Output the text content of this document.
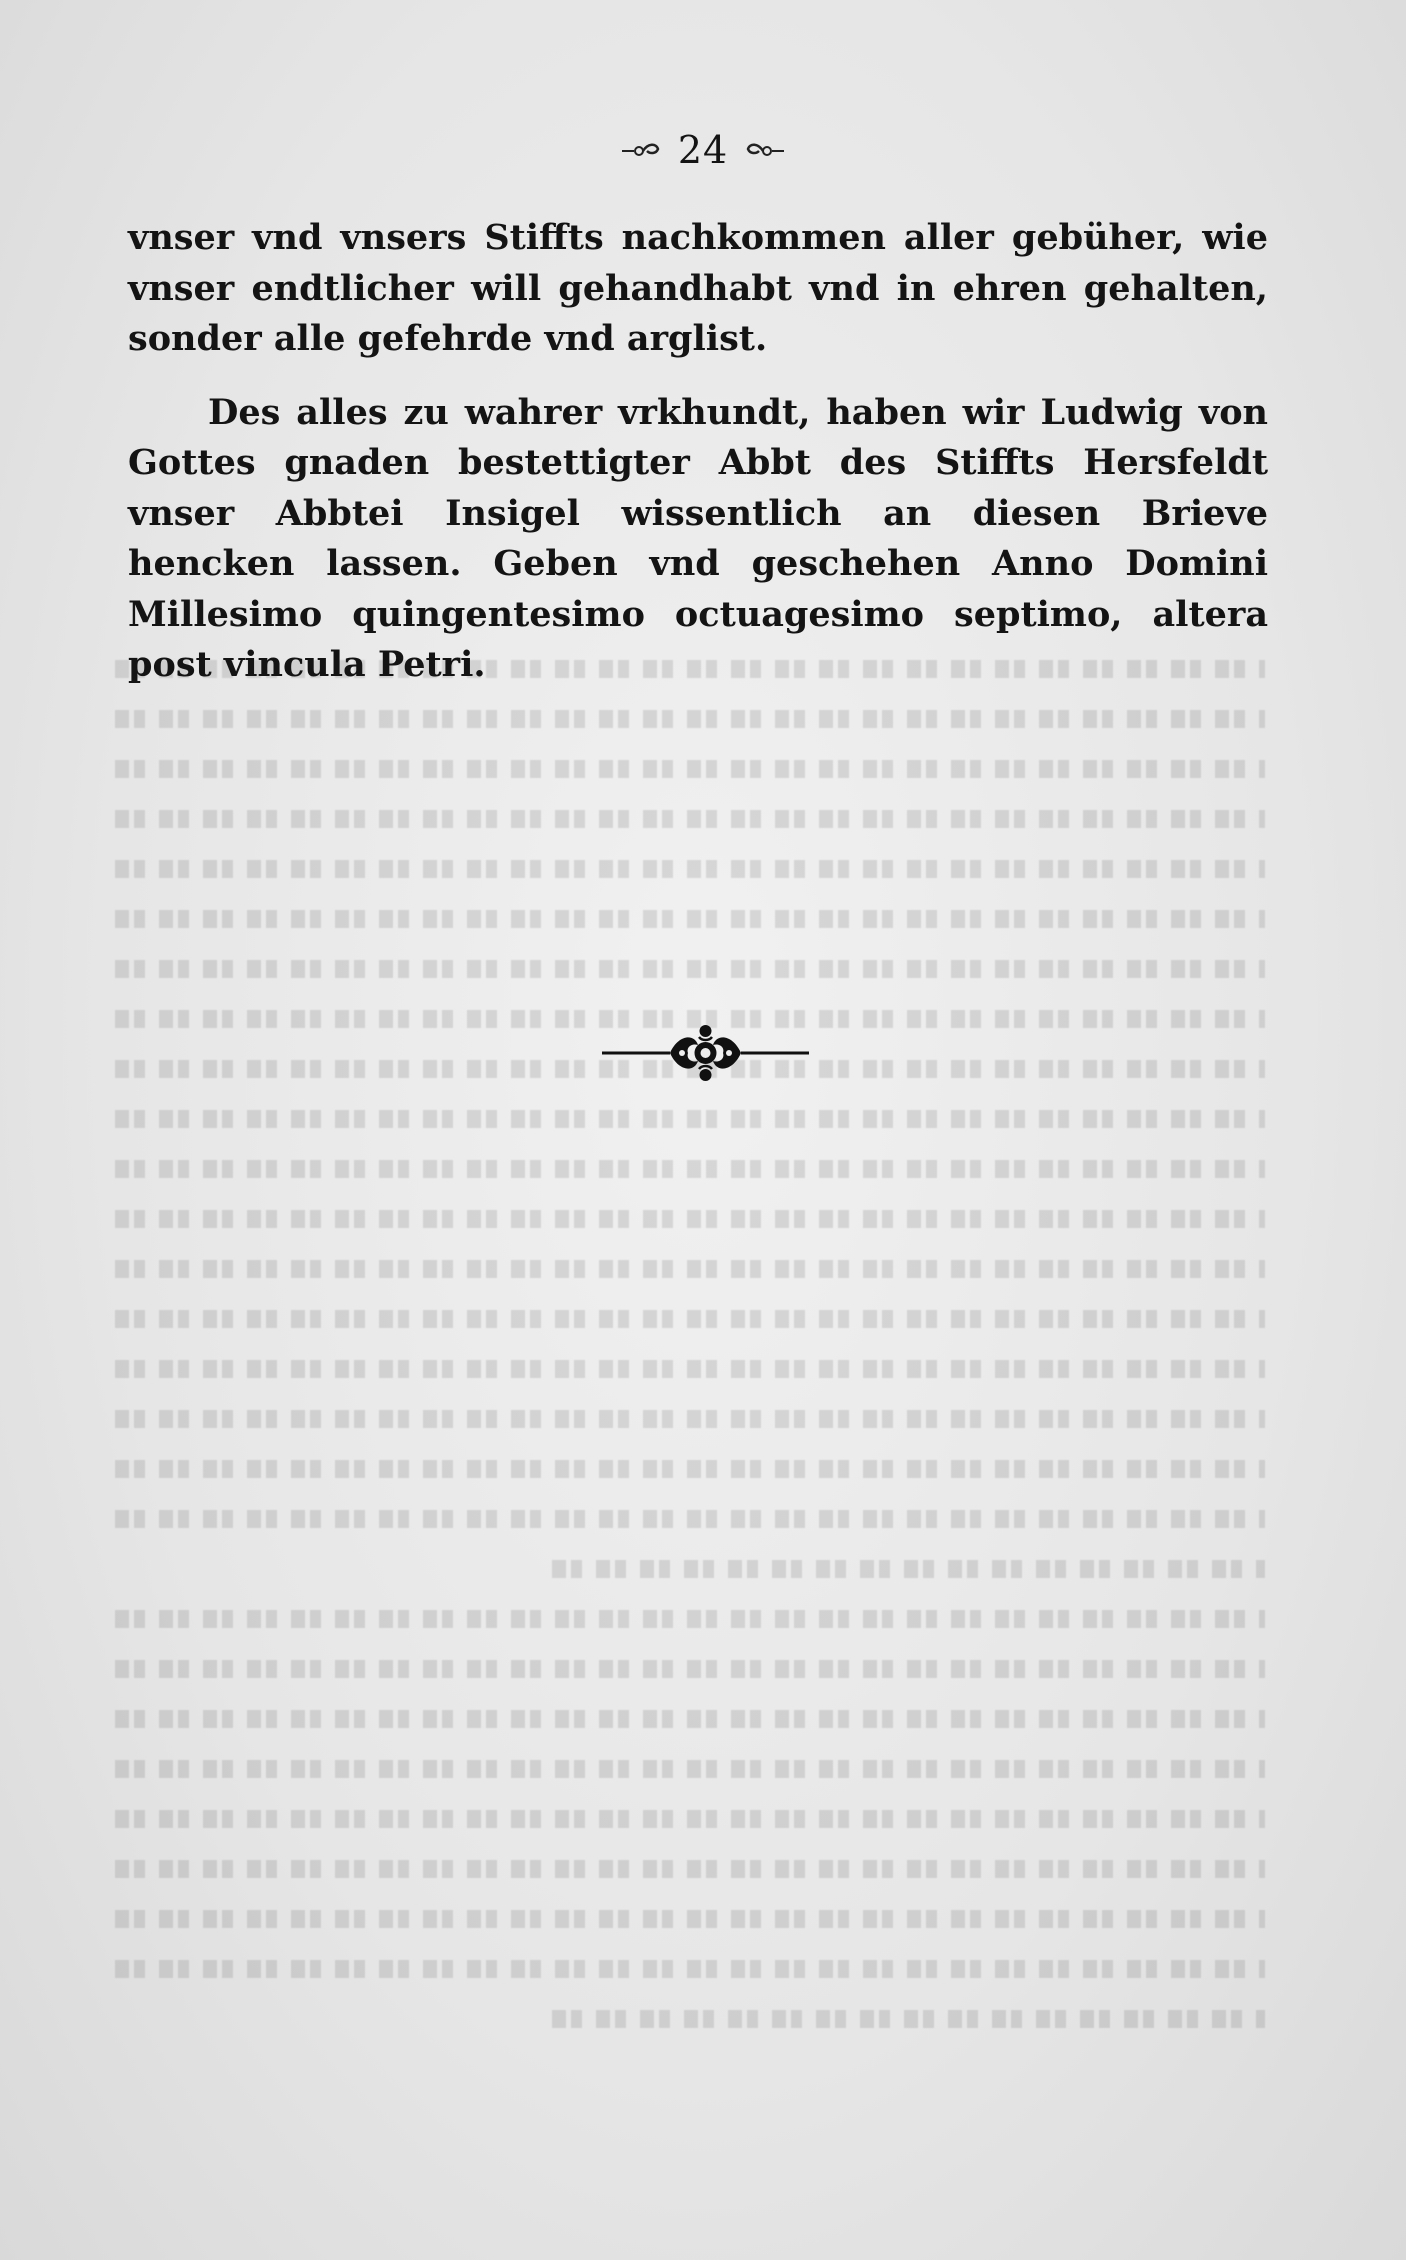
24

vnser vnd vnsers Stiffts nachkommen aller gebüher, wie vnser endtlicher will gehandhabt vnd in ehren gehalten, sonder alle gefehrde vnd arglist.

Des alles zu wahrer vrkhundt, haben wir Ludwig von Gottes gnaden bestettigter Abbt des Stiffts Hersfeldt vnser Abbtei Insigel wissentlich an diesen Brieve hencken lassen. Geben vnd geschehen Anno Domini Millesimo quingentesimo octuagesimo septimo, altera post vincula Petri.
